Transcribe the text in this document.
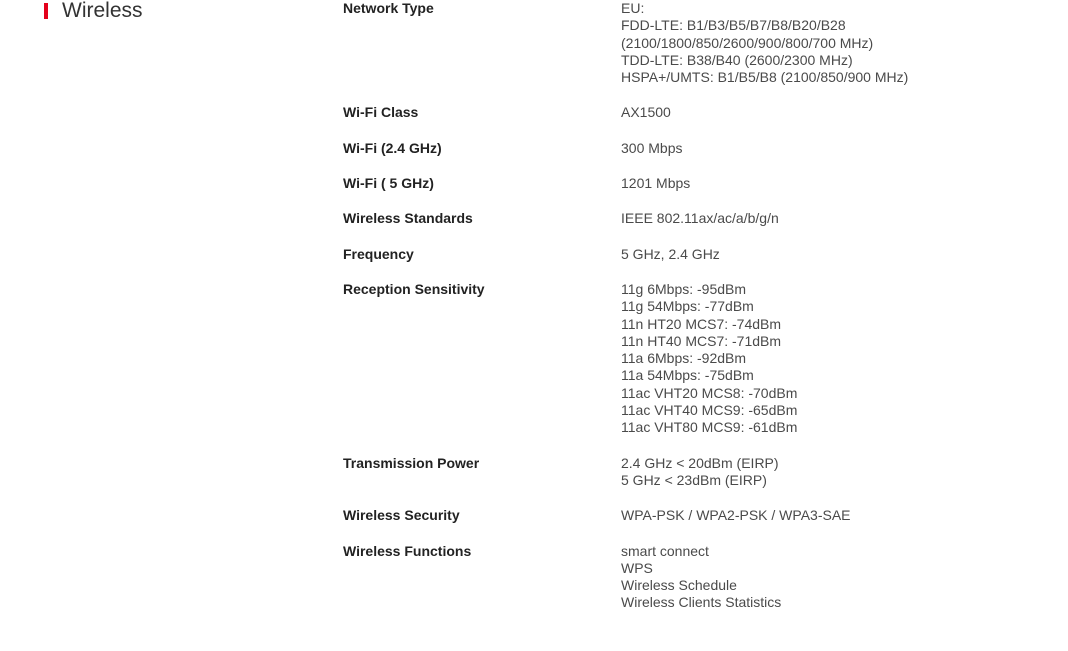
Wireless	Network Type	EU:
FDD-LTE: B1/B3/B5/B7/B8/B20/B28
(2100/1800/850/2600/900/800/700 MHz)
TDD-LTE: B38/B40 (2600/2300 MHz)
HSPA+/UMTS: B1/B5/B8 (2100/850/900 MHz)
Wi-Fi Class	AX1500
Wi-Fi (2.4 GHz)	300 Mbps
Wi-Fi ( 5 GHz)	1201 Mbps
Wireless Standards	IEEE 802.11ax/ac/a/b/g/n
Frequency	5 GHz, 2.4 GHz
Reception Sensitivity	11g 6Mbps: -95dBm
11g 54Mbps: -77dBm
11n HT20 MCS7: -74dBm
11n HT40 MCS7: -71dBm
11a 6Mbps: -92dBm
11a 54Mbps: -75dBm
11ac VHT20 MCS8: -70dBm
11ac VHT40 MCS9: -65dBm
11ac VHT80 MCS9: -61dBm
Transmission Power	2.4 GHz < 20dBm (EIRP)
5 GHz < 23dBm (EIRP)
Wireless Security	WPA-PSK / WPA2-PSK / WPA3-SAE
Wireless Functions	smart connect
WPS
Wireless Schedule
Wireless Clients Statistics
